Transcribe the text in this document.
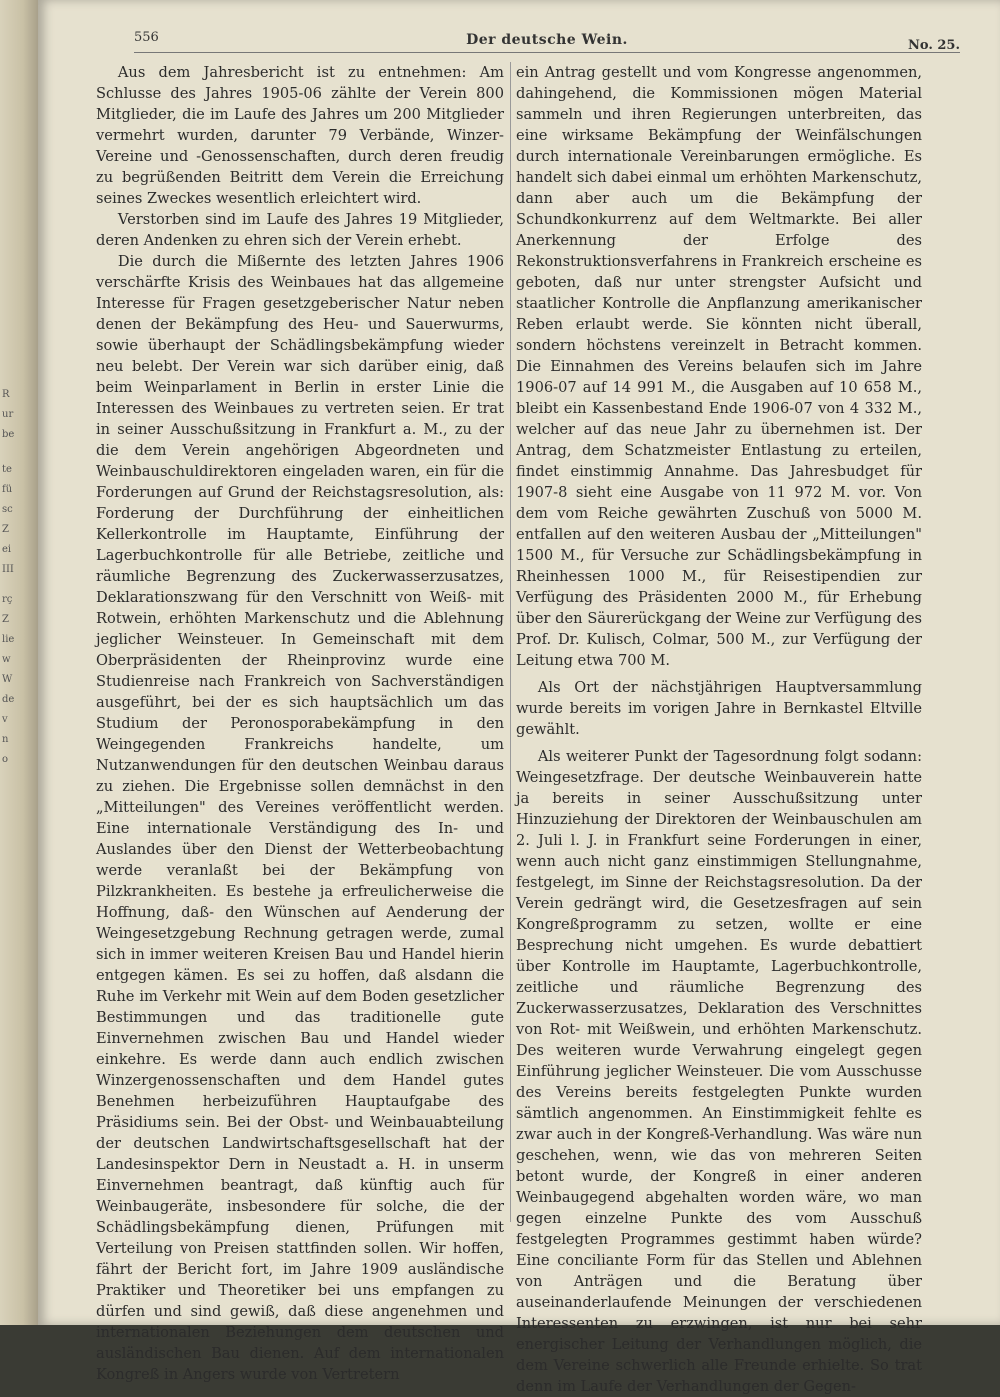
R
ur
be
te
fü
sc
Z
ei
III
rç
Z
lie
w
W
de
v
n
o
556	Der deutsche Wein.	No. 25.

Aus dem Jahresbericht ist zu entnehmen: Am Schlusse des Jahres 1905-06 zählte der Verein 800 Mitglieder, die im Laufe des Jahres um 200 Mitglieder vermehrt wurden, darunter 79 Verbände, Winzer-Vereine und -Genossenschaften, durch deren freudig zu begrüßenden Beitritt dem Verein die Erreichung seines Zweckes wesentlich erleichtert wird.

Verstorben sind im Laufe des Jahres 19 Mitglieder, deren Andenken zu ehren sich der Verein erhebt.

Die durch die Mißernte des letzten Jahres 1906 verschärfte Krisis des Weinbaues hat das allgemeine Interesse für Fragen gesetzgeberischer Natur neben denen der Bekämpfung des Heu- und Sauerwurms, sowie überhaupt der Schädlingsbekämpfung wieder neu belebt. Der Verein war sich darüber einig, daß beim Weinparlament in Berlin in erster Linie die Interessen des Weinbaues zu vertreten seien. Er trat in seiner Ausschußsitzung in Frankfurt a. M., zu der die dem Verein angehörigen Abgeordneten und Weinbauschuldirektoren eingeladen waren, ein für die Forderungen auf Grund der Reichstagsresolution, als: Forderung der Durchführung der einheitlichen Kellerkontrolle im Hauptamte, Einführung der Lagerbuchkontrolle für alle Betriebe, zeitliche und räumliche Begrenzung des Zuckerwasserzusatzes, Deklarationszwang für den Verschnitt von Weiß- mit Rotwein, erhöhten Markenschutz und die Ablehnung jeglicher Weinsteuer. In Gemeinschaft mit dem Oberpräsidenten der Rheinprovinz wurde eine Studienreise nach Frankreich von Sachverständigen ausgeführt, bei der es sich hauptsächlich um das Studium der Peronosporabekämpfung in den Weingegenden Frankreichs handelte, um Nutzanwendungen für den deutschen Weinbau daraus zu ziehen. Die Ergebnisse sollen demnächst in den „Mitteilungen" des Vereines veröffentlicht werden. Eine internationale Verständigung des In- und Auslandes über den Dienst der Wetterbeobachtung werde veranlaßt bei der Bekämpfung von Pilzkrankheiten. Es bestehe ja erfreulicherweise die Hoffnung, daß- den Wünschen auf Aenderung der Weingesetzgebung Rechnung getragen werde, zumal sich in immer weiteren Kreisen Bau und Handel hierin entgegen kämen. Es sei zu hoffen, daß alsdann die Ruhe im Verkehr mit Wein auf dem Boden gesetzlicher Bestimmungen und das traditionelle gute Einvernehmen zwischen Bau und Handel wieder einkehre. Es werde dann auch endlich zwischen Winzergenossenschaften und dem Handel gutes Benehmen herbeizuführen Hauptaufgabe des Präsidiums sein. Bei der Obst- und Weinbauabteilung der deutschen Landwirtschaftsgesellschaft hat der Landesinspektor Dern in Neustadt a. H. in unserm Einvernehmen beantragt, daß künftig auch für Weinbaugeräte, insbesondere für solche, die der Schädlingsbekämpfung dienen, Prüfungen mit Verteilung von Preisen stattfinden sollen. Wir hoffen, fährt der Bericht fort, im Jahre 1909 ausländische Praktiker und Theoretiker bei uns empfangen zu dürfen und sind gewiß, daß diese angenehmen und internationalen Beziehungen dem deutschen und ausländischen Bau dienen. Auf dem internationalen Kongreß in Angers wurde von Vertretern

ein Antrag gestellt und vom Kongresse angenommen, dahingehend, die Kommissionen mögen Material sammeln und ihren Regierungen unterbreiten, das eine wirksame Bekämpfung der Weinfälschungen durch internationale Vereinbarungen ermögliche. Es handelt sich dabei einmal um erhöhten Markenschutz, dann aber auch um die Bekämpfung der Schundkonkurrenz auf dem Weltmarkte. Bei aller Anerkennung der Erfolge des Rekonstruktionsverfahrens in Frankreich erscheine es geboten, daß nur unter strengster Aufsicht und staatlicher Kontrolle die Anpflanzung amerikanischer Reben erlaubt werde. Sie könnten nicht überall, sondern höchstens vereinzelt in Betracht kommen. Die Einnahmen des Vereins belaufen sich im Jahre 1906-07 auf 14 991 M., die Ausgaben auf 10 658 M., bleibt ein Kassenbestand Ende 1906-07 von 4 332 M., welcher auf das neue Jahr zu übernehmen ist. Der Antrag, dem Schatzmeister Entlastung zu erteilen, findet einstimmig Annahme. Das Jahresbudget für 1907-8 sieht eine Ausgabe von 11 972 M. vor. Von dem vom Reiche gewährten Zuschuß von 5000 M. entfallen auf den weiteren Ausbau der „Mitteilungen" 1500 M., für Versuche zur Schädlingsbekämpfung in Rheinhessen 1000 M., für Reisestipendien zur Verfügung des Präsidenten 2000 M., für Erhebung über den Säurerückgang der Weine zur Verfügung des Prof. Dr. Kulisch, Colmar, 500 M., zur Verfügung der Leitung etwa 700 M.

Als Ort der nächstjährigen Hauptversammlung wurde bereits im vorigen Jahre in Bernkastel Eltville gewählt.

Als weiterer Punkt der Tagesordnung folgt sodann: Weingesetzfrage. Der deutsche Weinbauverein hatte ja bereits in seiner Ausschußsitzung unter Hinzuziehung der Direktoren der Weinbauschulen am 2. Juli l. J. in Frankfurt seine Forderungen in einer, wenn auch nicht ganz einstimmigen Stellungnahme, festgelegt, im Sinne der Reichstagsresolution. Da der Verein gedrängt wird, die Gesetzesfragen auf sein Kongreßprogramm zu setzen, wollte er eine Besprechung nicht umgehen. Es wurde debattiert über Kontrolle im Hauptamte, Lagerbuchkontrolle, zeitliche und räumliche Begrenzung des Zuckerwasserzusatzes, Deklaration des Verschnittes von Rot- mit Weißwein, und erhöhten Markenschutz. Des weiteren wurde Verwahrung eingelegt gegen Einführung jeglicher Weinsteuer. Die vom Ausschusse des Vereins bereits festgelegten Punkte wurden sämtlich angenommen. An Einstimmigkeit fehlte es zwar auch in der Kongreß-Verhandlung. Was wäre nun geschehen, wenn, wie das von mehreren Seiten betont wurde, der Kongreß in einer anderen Weinbaugegend abgehalten worden wäre, wo man gegen einzelne Punkte des vom Ausschuß festgelegten Programmes gestimmt haben würde? Eine conciliante Form für das Stellen und Ablehnen von Anträgen und die Beratung über auseinanderlaufende Meinungen der verschiedenen Interessenten zu erzwingen, ist nur bei sehr energischer Leitung der Verhandlungen möglich, die dem Vereine schwerlich alle Freunde erhielte. So trat denn im Laufe der Verhandlungen der Gegen-
